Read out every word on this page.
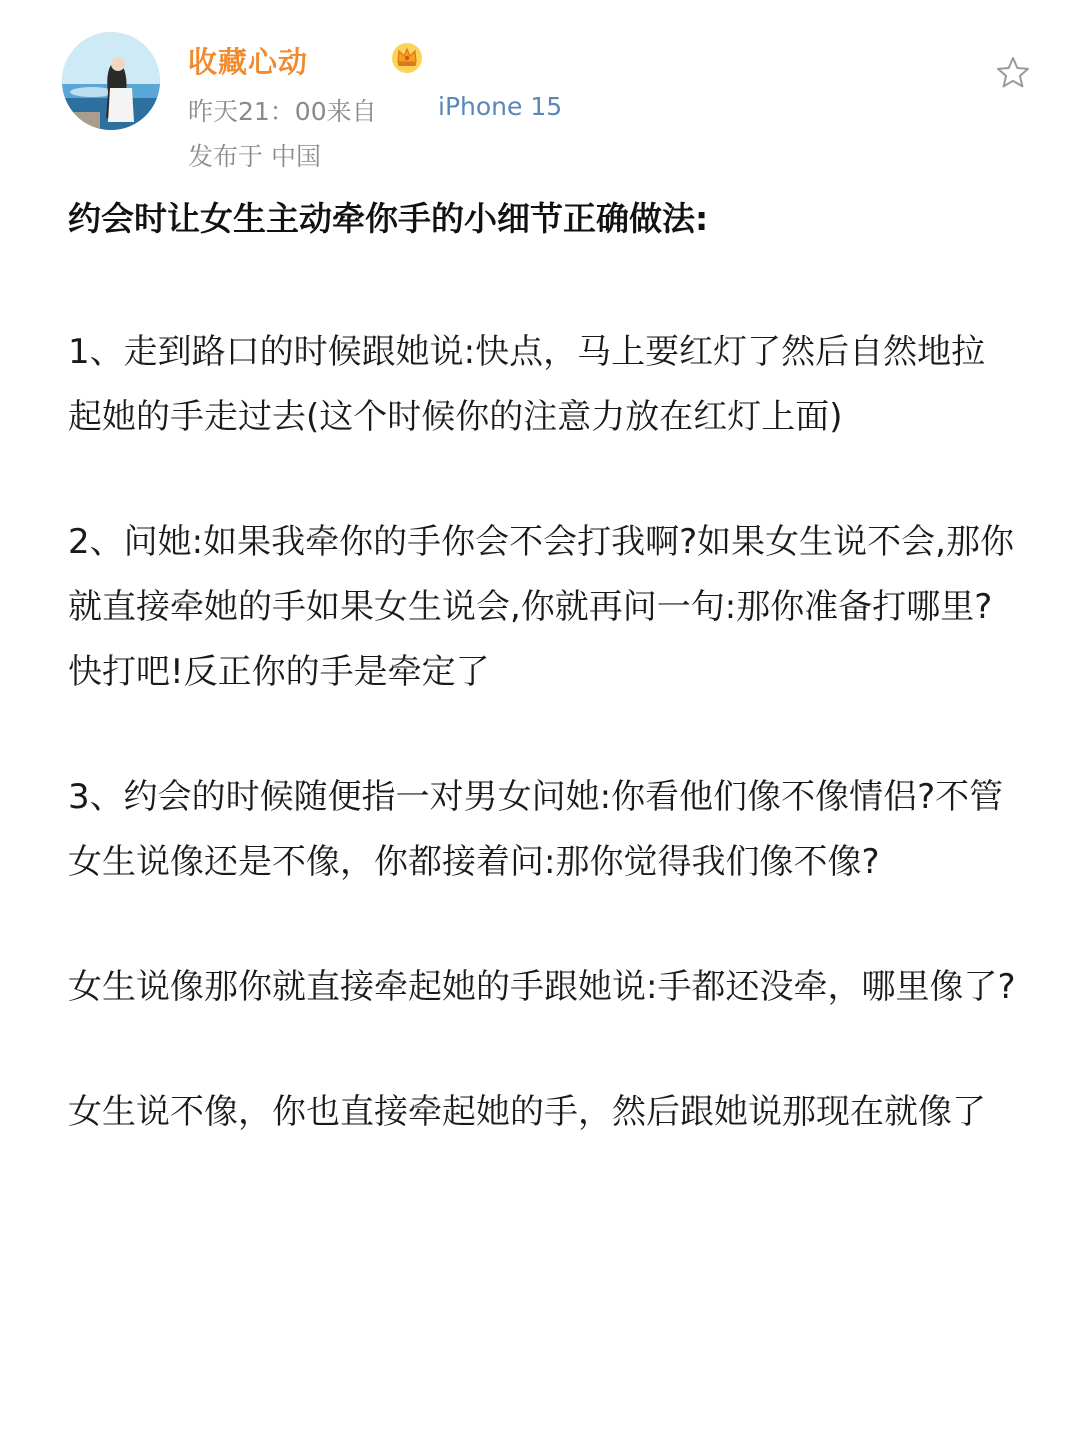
收藏心动
昨天21：00来自 iPhone 15
发布于 中国
约会时让女生主动牵你手的小细节正确做法:

1、走到路口的时候跟她说:快点，马上要红灯了然后自然地拉起她的手走过去(这个时候你的注意力放在红灯上面)

2、问她:如果我牵你的手你会不会打我啊?如果女生说不会,那你就直接牵她的手如果女生说会,你就再问一句:那你准备打哪里?快打吧!反正你的手是牵定了

3、约会的时候随便指一对男女问她:你看他们像不像情侣?不管女生说像还是不像，你都接着问:那你觉得我们像不像?

女生说像那你就直接牵起她的手跟她说:手都还没牵，哪里像了?

女生说不像，你也直接牵起她的手，然后跟她说那现在就像了
